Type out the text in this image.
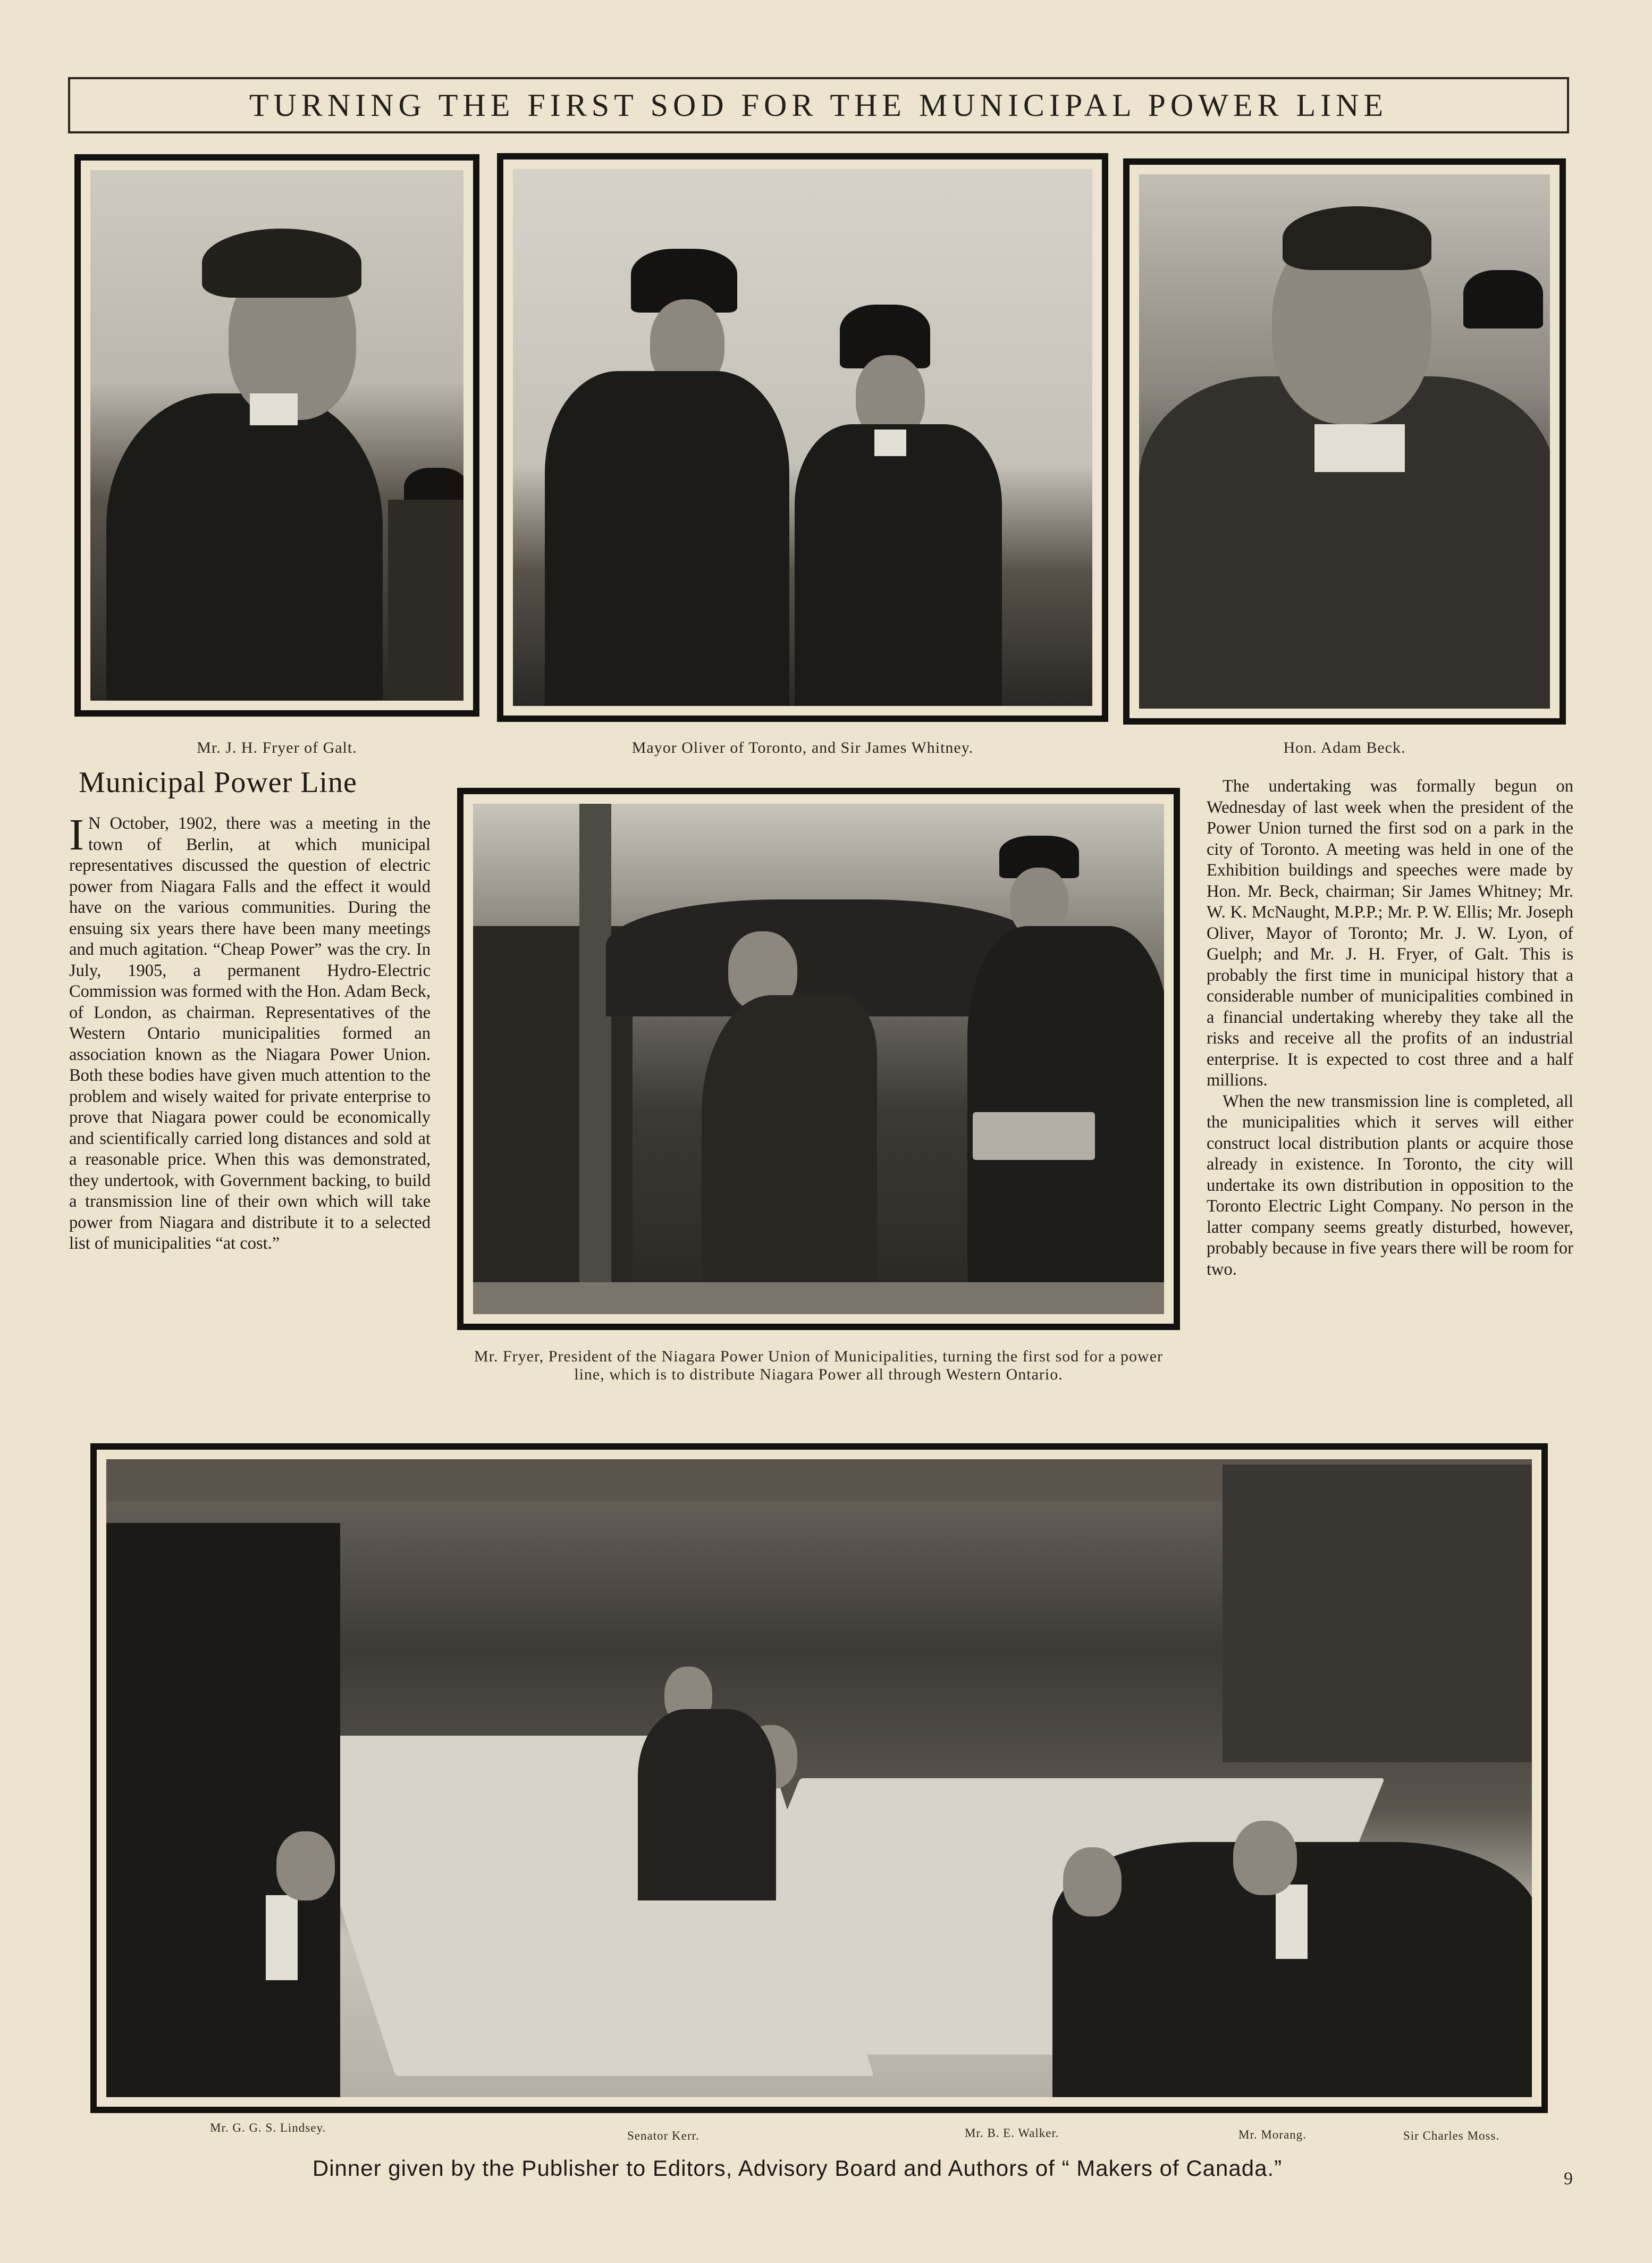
TURNING THE FIRST SOD FOR THE MUNICIPAL POWER LINE
Mr. J. H. Fryer of Galt.	Mayor Oliver of Toronto, and Sir James Whitney.	Hon. Adam Beck.
Municipal Power Line

I N October, 1902, there was a meeting in the town of Berlin, at which municipal representatives discussed the question of electric power from Niagara Falls and the effect it would have on the various communities. During the ensuing six years there have been many meetings and much agitation. “Cheap Power” was the cry. In July, 1905, a permanent Hydro-Electric Commission was formed with the Hon. Adam Beck, of London, as chairman. Representatives of the Western Ontario municipalities formed an association known as the Niagara Power Union. Both these bodies have given much attention to the problem and wisely waited for private enterprise to prove that Niagara power could be economically and scientifically carried long distances and sold at a reasonable price. When this was demonstrated, they undertook, with Government backing, to build a transmission line of their own which will take power from Niagara and distribute it to a selected list of municipalities “at cost.”

Mr. Fryer, President of the Niagara Power Union of Municipalities, turning the first sod for a power line, which is to distribute Niagara Power all through Western Ontario.

The undertaking was formally begun on Wednesday of last week when the president of the Power Union turned the first sod on a park in the city of Toronto. A meeting was held in one of the Exhibition buildings and speeches were made by Hon. Mr. Beck, chairman; Sir James Whitney; Mr. W. K. McNaught, M.P.P.; Mr. P. W. Ellis; Mr. Joseph Oliver, Mayor of Toronto; Mr. J. W. Lyon, of Guelph; and Mr. J. H. Fryer, of Galt. This is probably the first time in municipal history that a considerable number of municipalities combined in a financial undertaking whereby they take all the risks and receive all the profits of an industrial enterprise. It is expected to cost three and a half millions.

When the new transmission line is completed, all the municipalities which it serves will either construct local distribution plants or acquire those already in existence. In Toronto, the city will undertake its own distribution in opposition to the Toronto Electric Light Company. No person in the latter company seems greatly disturbed, however, probably because in five years there will be room for two.

Mr. G. G. S. Lindsey.
Senator Kerr.	Mr. B. E. Walker.	Mr. Morang.	Sir Charles Moss.
Dinner given by the Publisher to Editors, Advisory Board and Authors of “ Makers of Canada.”	9
